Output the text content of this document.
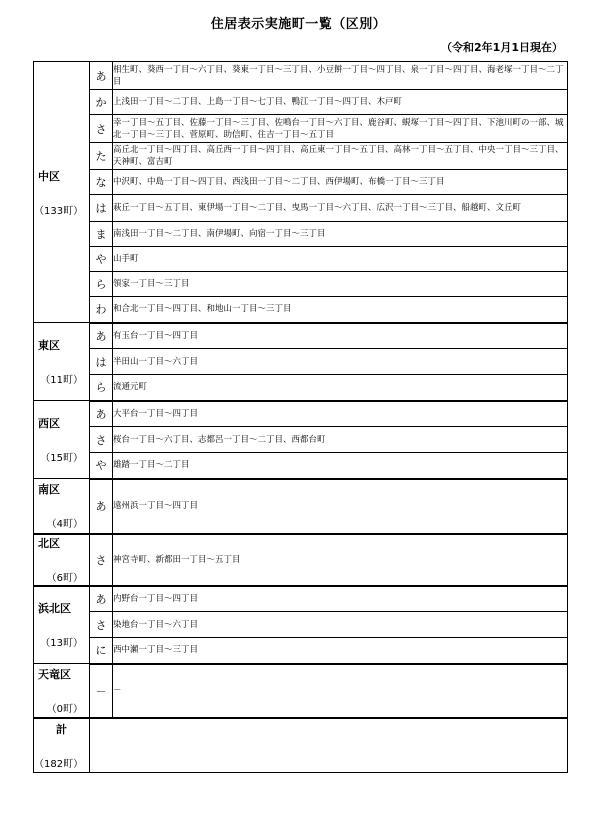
住居表示実施町一覧（区別）
（令和2年1月1日現在）
中区
（133町）	あ	相生町、葵西一丁目～六丁目、葵東一丁目～三丁目、小豆餅一丁目～四丁目、泉一丁目～四丁目、海老塚一丁目～二丁目
	か	上浅田一丁目～二丁目、上島一丁目～七丁目、鴨江一丁目～四丁目、木戸町
	さ	幸一丁目～五丁目、佐藤一丁目～三丁目、佐鳴台一丁目～六丁目、鹿谷町、蜆塚一丁目～四丁目、下池川町の一部、城北一丁目～三丁目、菅原町、助信町、住吉一丁目～五丁目
	た	高丘北一丁目～四丁目、高丘西一丁目～四丁目、高丘東一丁目～五丁目、高林一丁目～五丁目、中央一丁目～三丁目、天神町、富吉町
	な	中沢町、中島一丁目～四丁目、西浅田一丁目～二丁目、西伊場町、布橋一丁目～三丁目
	は	萩丘一丁目～五丁目、東伊場一丁目～二丁目、曳馬一丁目～六丁目、広沢一丁目～三丁目、船越町、文丘町
	ま	南浅田一丁目～二丁目、南伊場町、向宿一丁目～三丁目
	や	山手町
	ら	領家一丁目～三丁目
	わ	和合北一丁目～四丁目、和地山一丁目～三丁目

東区
（11町）	あ	有玉台一丁目～四丁目
	は	半田山一丁目～六丁目
	ら	流通元町

西区
（15町）	あ	大平台一丁目～四丁目
	さ	桜台一丁目～六丁目、志都呂一丁目～二丁目、西都台町
	や	雄踏一丁目～二丁目

南区
（4町）	あ	遠州浜一丁目～四丁目

北区
（6町）	さ	神宮寺町、新都田一丁目～五丁目

浜北区
（13町）	あ	内野台一丁目～四丁目
	さ	染地台一丁目～六丁目
	に	西中瀬一丁目～三丁目

天竜区
（0町）	－	－

計
（182町）		
